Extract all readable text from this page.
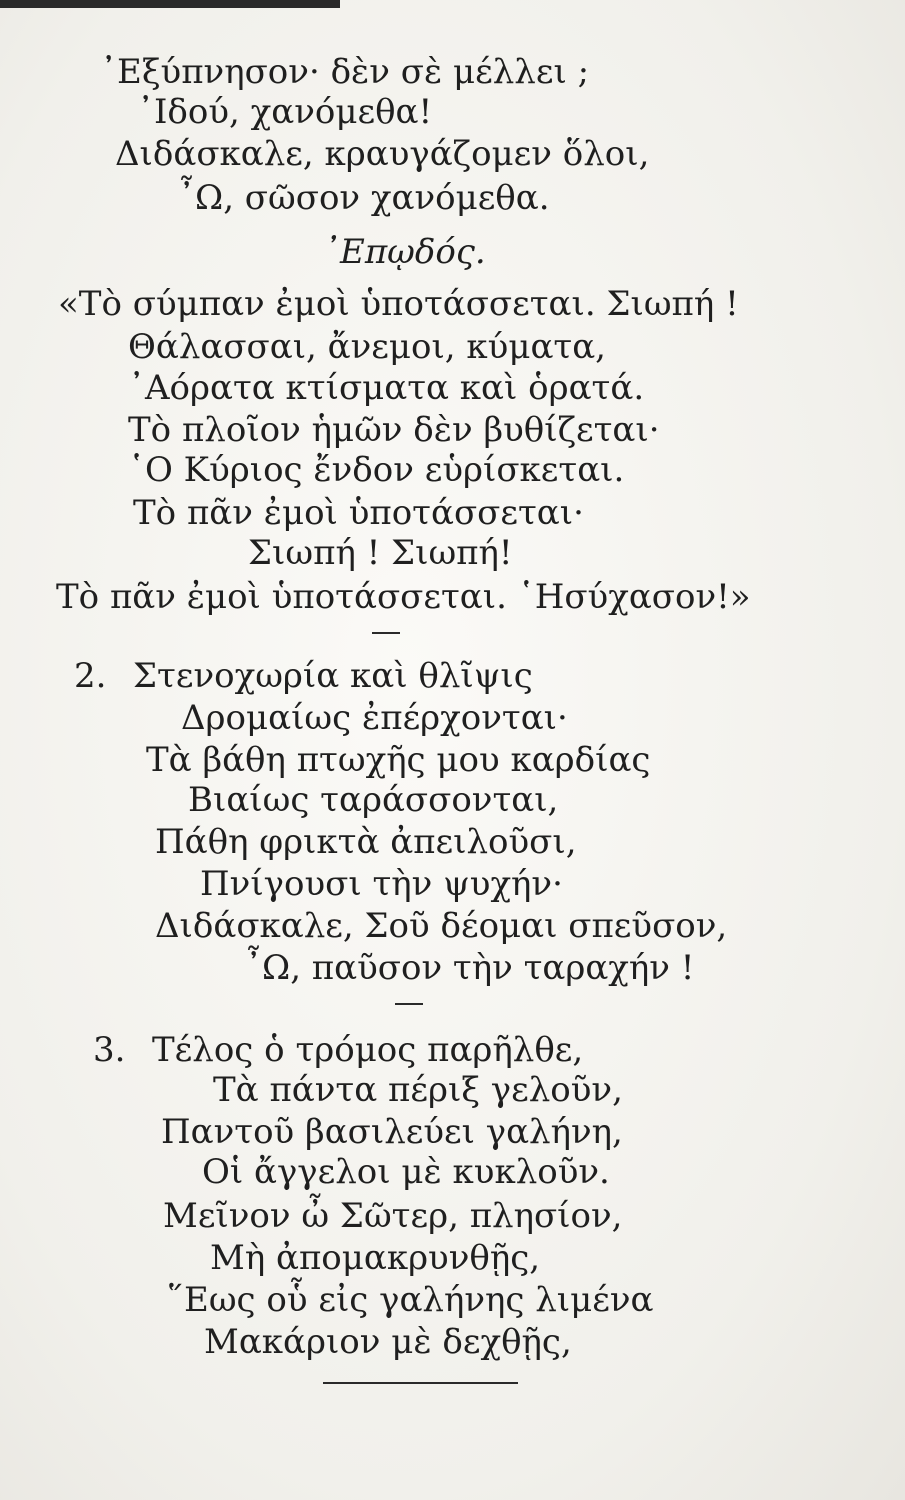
᾿Εξύπνησον· δὲν σὲ μέλλει ;
᾿Ιδού, χανόμεθα!
Διδάσκαλε, κραυγάζομεν ὅλοι,
῏Ω, σῶσον χανόμεθα.
᾿Επῳδός.
«Τὸ σύμπαν ἐμοὶ ὑποτάσσεται. Σιωπή !
Θάλασσαι, ἄνεμοι, κύματα,
᾿Αόρατα κτίσματα καὶ ὁρατά.
Τὸ πλοῖον ἡμῶν δὲν βυθίζεται·
῾Ο Κύριος ἔνδον εὑρίσκεται.
Τὸ πᾶν ἐμοὶ ὑποτάσσεται·
Σιωπή ! Σιωπή!
Τὸ πᾶν ἐμοὶ ὑποτάσσεται. ῾Ησύχασον!»
2. Στενοχωρία καὶ θλῖψις
Δρομαίως ἐπέρχονται·
Τὰ βάθη πτωχῆς μου καρδίας
Βιαίως ταράσσονται,
Πάθη φρικτὰ ἀπειλοῦσι,
Πνίγουσι τὴν ψυχήν·
Διδάσκαλε, Σοῦ δέομαι σπεῦσον,
῏Ω, παῦσον τὴν ταραχήν !
3. Τέλος ὁ τρόμος παρῆλθε,
Τὰ πάντα πέριξ γελοῦν,
Παντοῦ βασιλεύει γαλήνη,
Οἱ ἄγγελοι μὲ κυκλοῦν.
Μεῖνον ὦ Σῶτερ, πλησίον,
Μὴ ἀπομακρυνθῇς,
῞Εως οὗ εἰς γαλήνης λιμένα
Μακάριον μὲ δεχθῇς,
